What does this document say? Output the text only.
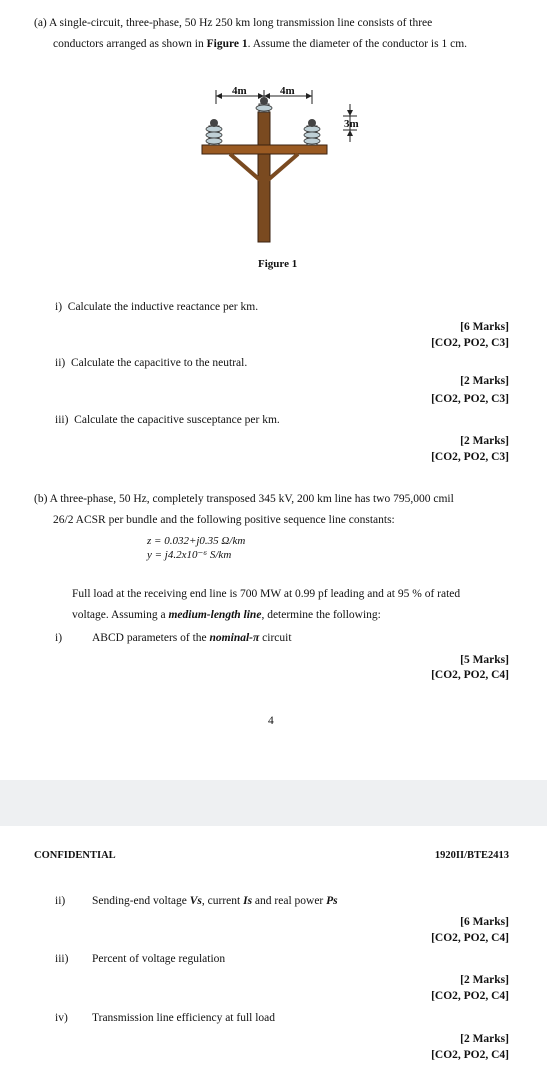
(a) A single-circuit, three-phase, 50 Hz 250 km long transmission line consists of three
conductors arranged as shown in Figure 1. Assume the diameter of the conductor is 1 cm.
4m	4m
3m
Figure 1
i) Calculate the inductive reactance per km.
[6 Marks]
[CO2, PO2, C3]
ii) Calculate the capacitive to the neutral.
[2 Marks]
[CO2, PO2, C3]
iii) Calculate the capacitive susceptance per km.
[2 Marks]
[CO2, PO2, C3]
(b) A three-phase, 50 Hz, completely transposed 345 kV, 200 km line has two 795,000 cmil
26/2 ACSR per bundle and the following positive sequence line constants:
z = 0.032+j0.35 Ω/km
y = j4.2x10⁻⁶ S/km
Full load at the receiving end line is 700 MW at 0.99 pf leading and at 95 % of rated
voltage. Assuming a medium-length line, determine the following:
i)	ABCD parameters of the nominal-π circuit
[5 Marks]
[CO2, PO2, C4]
4
CONFIDENTIAL	1920II/BTE2413
ii) Sending-end voltage Vs, current Is and real power Ps
[6 Marks]
[CO2, PO2, C4]
iii) Percent of voltage regulation
[2 Marks]
[CO2, PO2, C4]
iv) Transmission line efficiency at full load
[2 Marks]
[CO2, PO2, C4]
